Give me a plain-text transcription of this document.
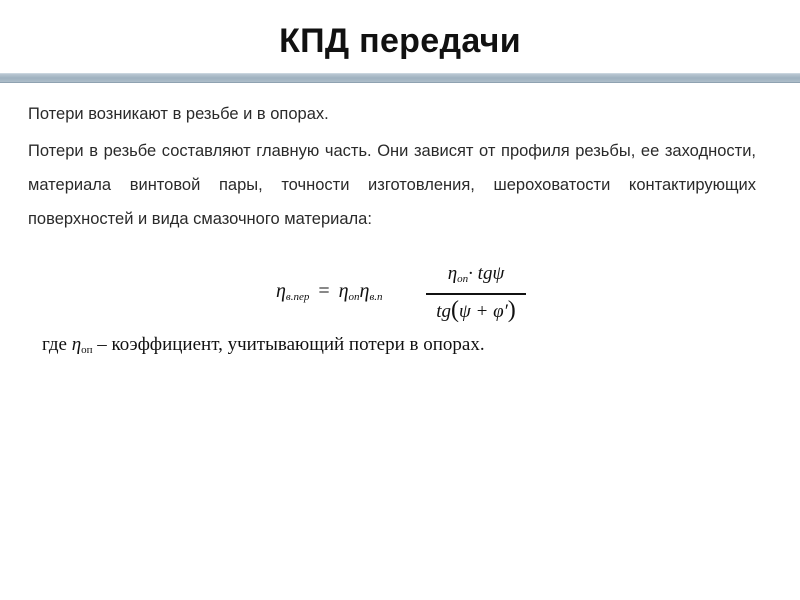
КПД передачи

Потери возникают в резьбе и в опорах.

Потери в резьбе составляют главную часть. Они зависят от профиля резьбы, ее заходности, материала винтовой пары, точности изготовления, шероховатости контактирующих поверхностей и вида смазочного материала:

$\eta_{в.пер} = \eta_{оп}\eta_{в.п}$
$\eta_{оп}\cdot tg\psi$
tg(ψ + φ′)
где $\eta_{оп}$ – коэффициент, учитывающий потери в опорах.
